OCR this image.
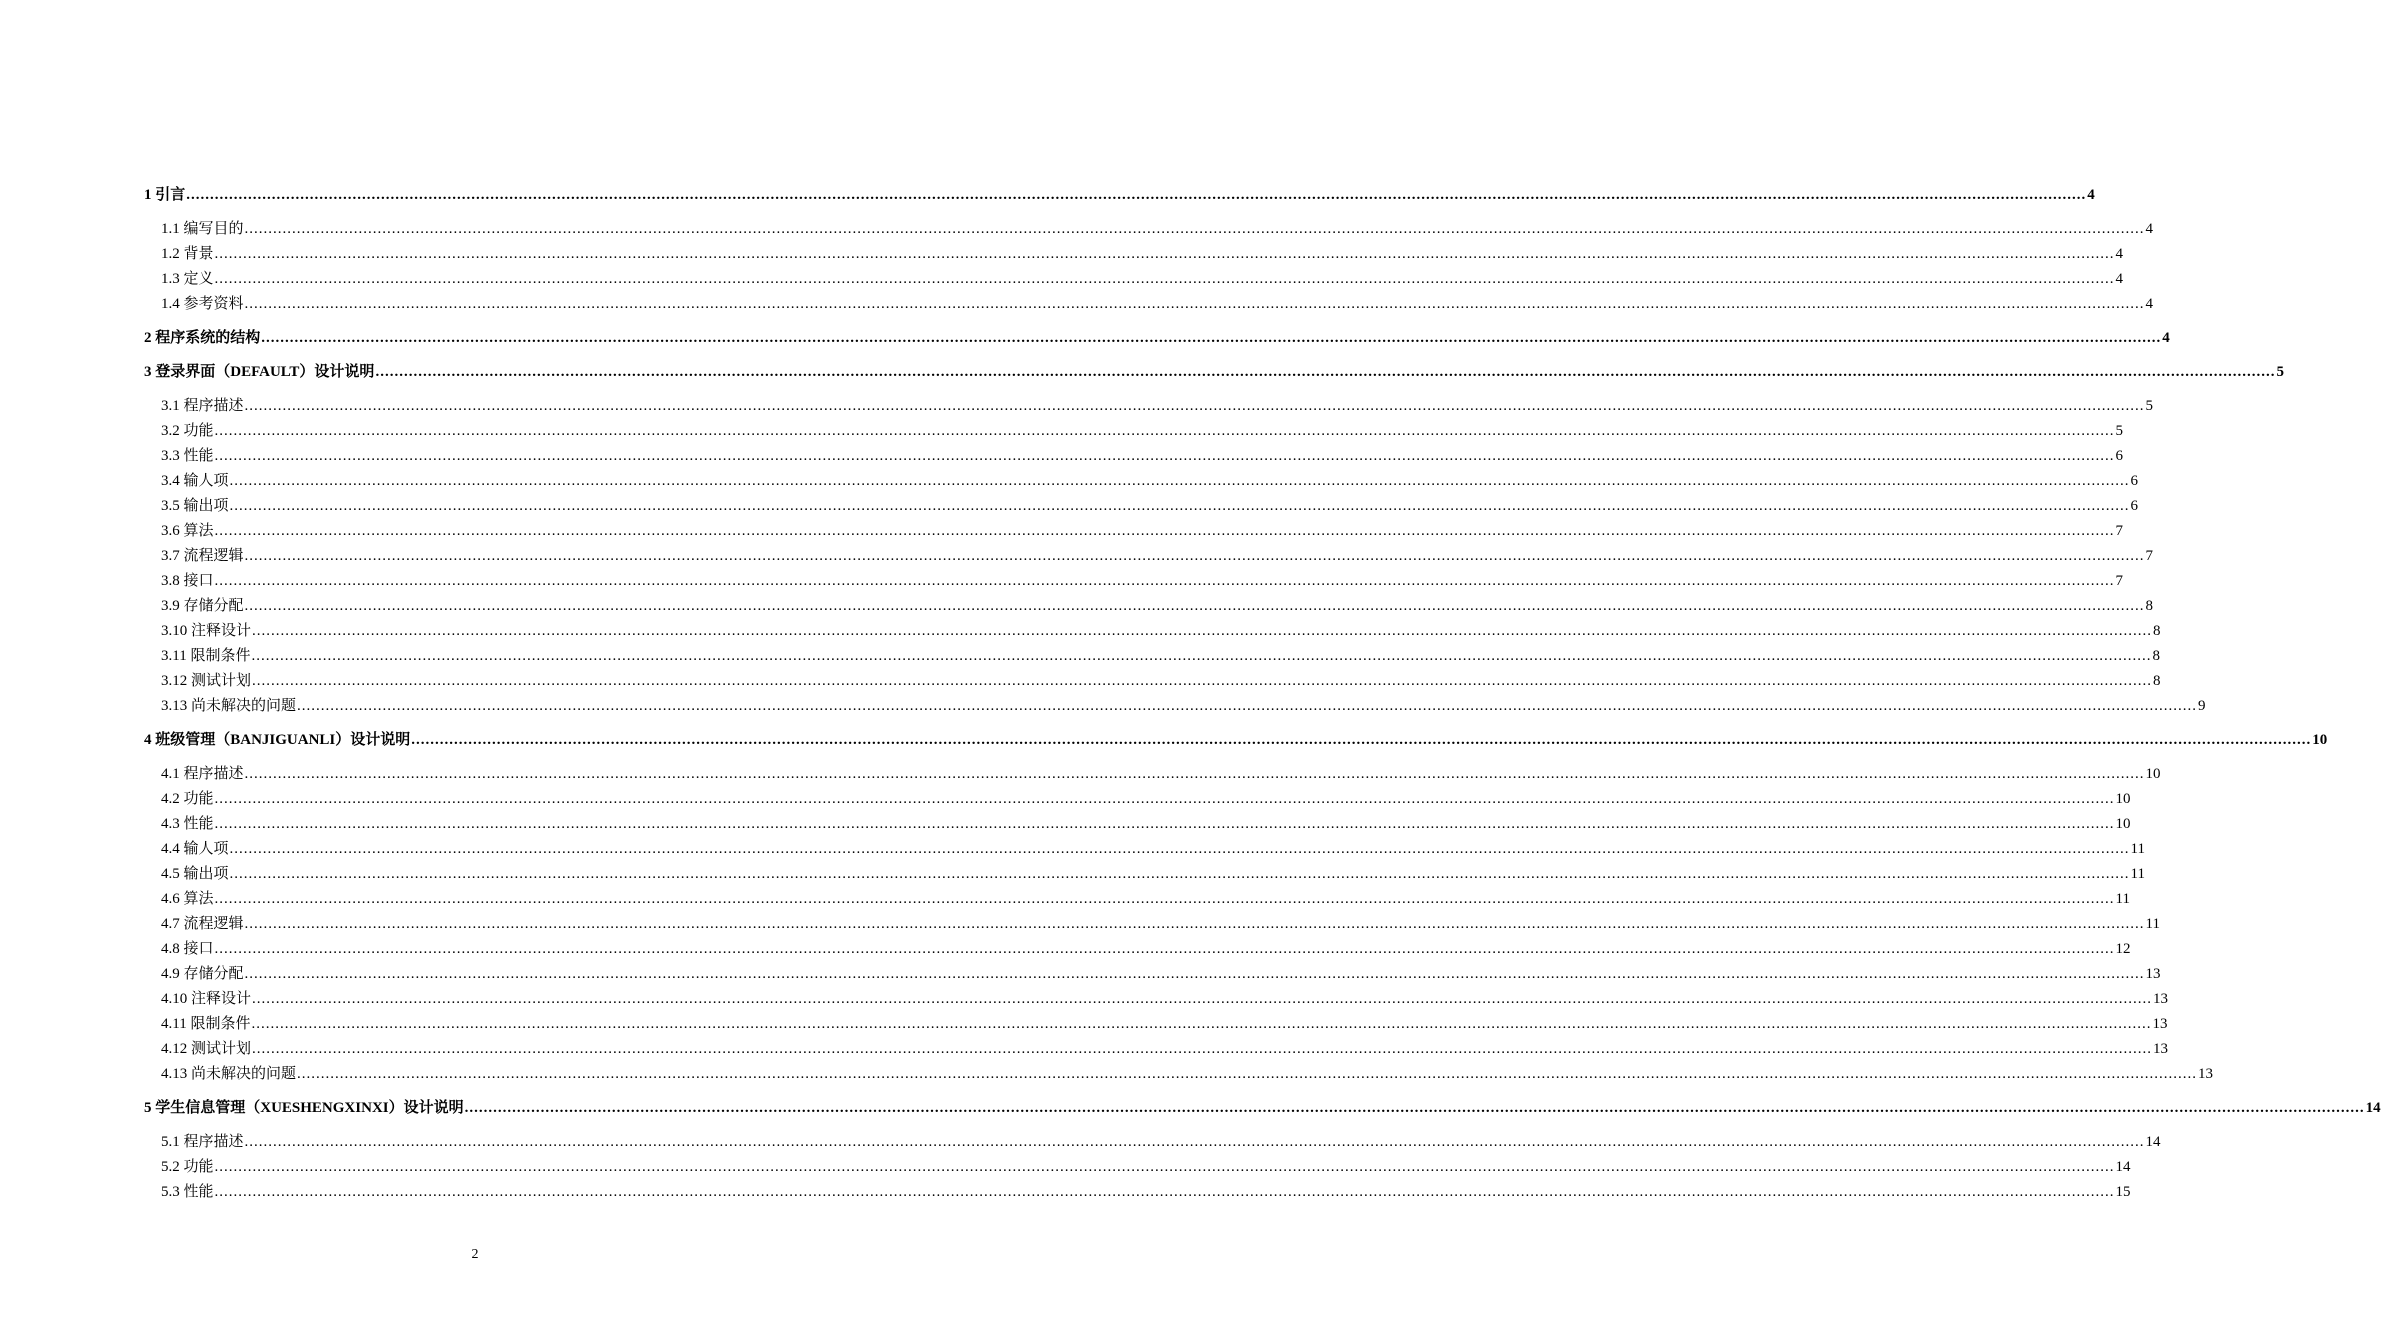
1 引言 ................................................................................................................................................................................................................................................................................................................................................................................................................ 4
1.1 编写目的 ................................................................................................................................................................................................................................................................................................................................................................................................................ 4
1.2 背景 ................................................................................................................................................................................................................................................................................................................................................................................................................ 4
1.3 定义 ................................................................................................................................................................................................................................................................................................................................................................................................................ 4
1.4 参考资料 ................................................................................................................................................................................................................................................................................................................................................................................................................ 4
2 程序系统的结构 ................................................................................................................................................................................................................................................................................................................................................................................................................ 4
3 登录界面（DEFAULT）设计说明 ................................................................................................................................................................................................................................................................................................................................................................................................................ 5
3.1 程序描述 ................................................................................................................................................................................................................................................................................................................................................................................................................ 5
3.2 功能 ................................................................................................................................................................................................................................................................................................................................................................................................................ 5
3.3 性能 ................................................................................................................................................................................................................................................................................................................................................................................................................ 6
3.4 输人项 ................................................................................................................................................................................................................................................................................................................................................................................................................ 6
3.5 输出项 ................................................................................................................................................................................................................................................................................................................................................................................................................ 6
3.6 算法 ................................................................................................................................................................................................................................................................................................................................................................................................................ 7
3.7 流程逻辑 ................................................................................................................................................................................................................................................................................................................................................................................................................ 7
3.8 接口 ................................................................................................................................................................................................................................................................................................................................................................................................................ 7
3.9 存储分配 ................................................................................................................................................................................................................................................................................................................................................................................................................ 8
3.10 注释设计 ................................................................................................................................................................................................................................................................................................................................................................................................................ 8
3.11 限制条件 ................................................................................................................................................................................................................................................................................................................................................................................................................ 8
3.12 测试计划 ................................................................................................................................................................................................................................................................................................................................................................................................................ 8
3.13 尚未解决的问题 ................................................................................................................................................................................................................................................................................................................................................................................................................ 9
4 班级管理（BANJIGUANLI）设计说明 ................................................................................................................................................................................................................................................................................................................................................................................................................ 10
4.1 程序描述 ................................................................................................................................................................................................................................................................................................................................................................................................................ 10
4.2 功能 ................................................................................................................................................................................................................................................................................................................................................................................................................ 10
4.3 性能 ................................................................................................................................................................................................................................................................................................................................................................................................................ 10
4.4 输人项 ................................................................................................................................................................................................................................................................................................................................................................................................................ 11
4.5 输出项 ................................................................................................................................................................................................................................................................................................................................................................................................................ 11
4.6 算法 ................................................................................................................................................................................................................................................................................................................................................................................................................ 11
4.7 流程逻辑 ................................................................................................................................................................................................................................................................................................................................................................................................................ 11
4.8 接口 ................................................................................................................................................................................................................................................................................................................................................................................................................ 12
4.9 存储分配 ................................................................................................................................................................................................................................................................................................................................................................................................................ 13
4.10 注释设计 ................................................................................................................................................................................................................................................................................................................................................................................................................ 13
4.11 限制条件 ................................................................................................................................................................................................................................................................................................................................................................................................................ 13
4.12 测试计划 ................................................................................................................................................................................................................................................................................................................................................................................................................ 13
4.13 尚未解决的问题 ................................................................................................................................................................................................................................................................................................................................................................................................................ 13
5 学生信息管理（XUESHENGXINXI）设计说明 ................................................................................................................................................................................................................................................................................................................................................................................................................ 14
5.1 程序描述 ................................................................................................................................................................................................................................................................................................................................................................................................................ 14
5.2 功能 ................................................................................................................................................................................................................................................................................................................................................................................................................ 14
5.3 性能 ................................................................................................................................................................................................................................................................................................................................................................................................................ 15
2
